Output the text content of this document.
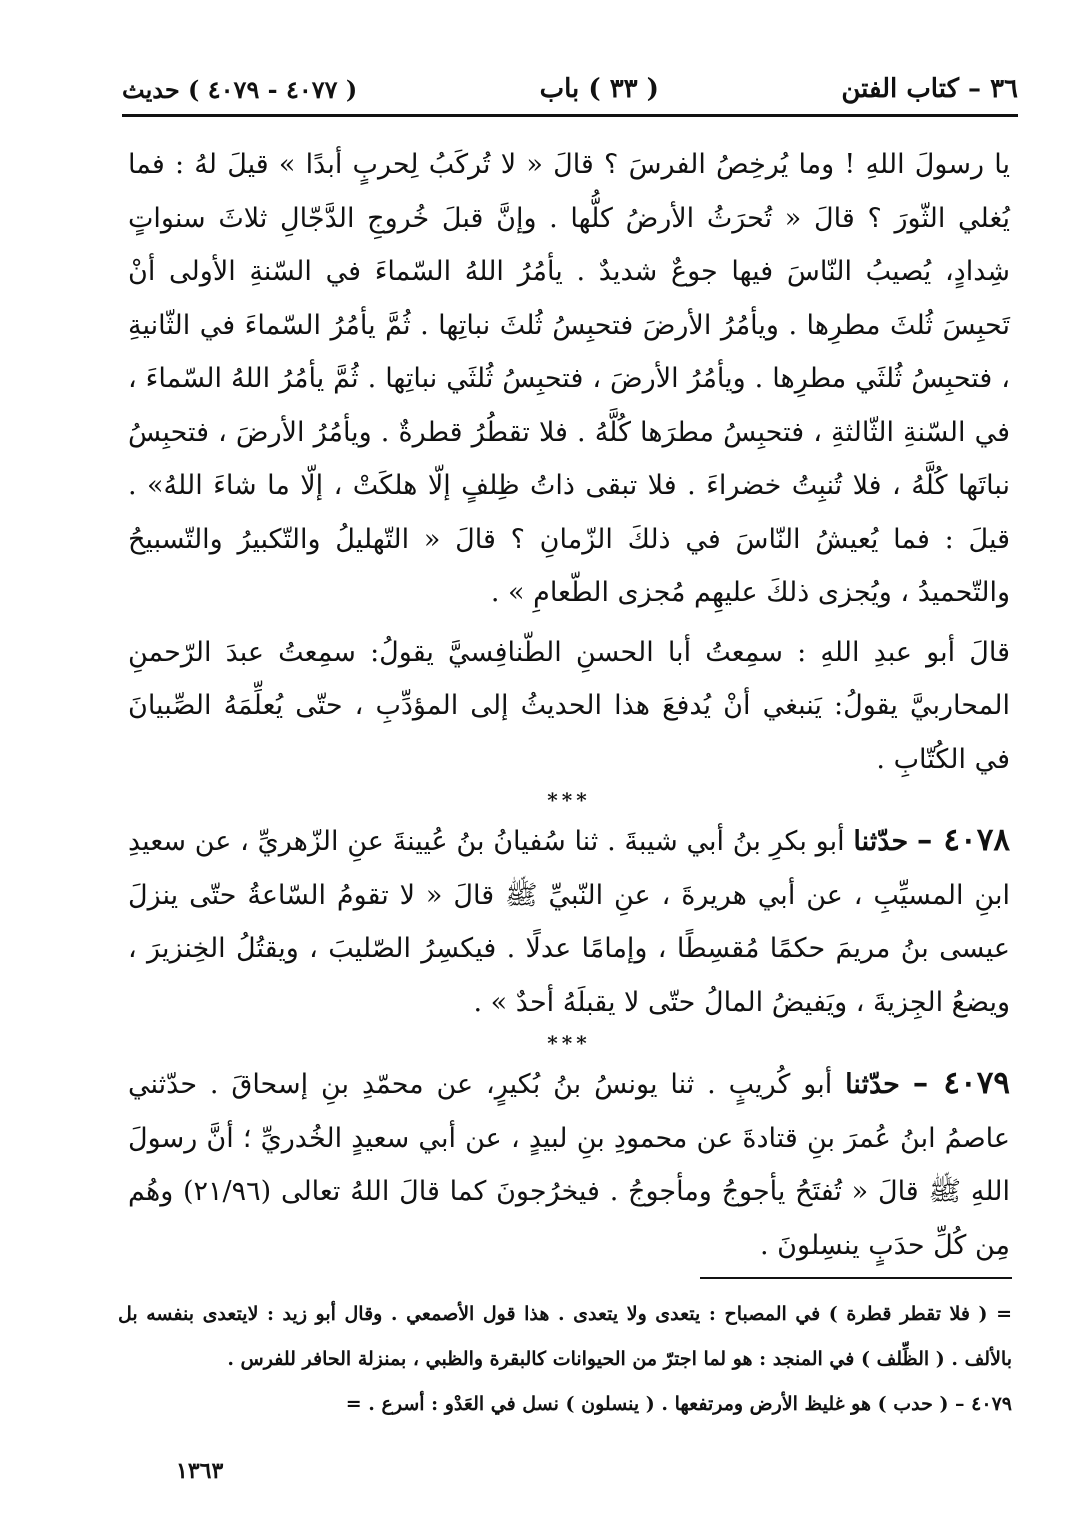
٣٦ – كتاب الفتن
( ٣٣ ) باب
( ٤٠٧٧ - ٤٠٧٩ ) حديث

يا رسولَ اللهِ ! وما يُرخِصُ الفرسَ ؟ قالَ « لا تُركَبُ لِحربٍ أبدًا » قيلَ لهُ : فما يُغلي الثّورَ ؟ قالَ « تُحرَثُ الأرضُ كلُّها . وإنَّ قبلَ خُروجِ الدَّجّالِ ثلاثَ سنواتٍ شِدادٍ، يُصيبُ النّاسَ فيها جوعٌ شديدٌ . يأمُرُ اللهُ السّماءَ في السّنةِ الأولى أنْ تَحبِسَ ثُلثَ مطرِها . ويأمُرُ الأرضَ فتحبِسُ ثُلثَ نباتِها . ثُمَّ يأمُرُ السّماءَ في الثّانيةِ ، فتحبِسُ ثُلثَي مطرِها . ويأمُرُ الأرضَ ، فتحبِسُ ثُلثَي نباتِها . ثُمَّ يأمُرُ اللهُ السّماءَ ، في السّنةِ الثّالثةِ ، فتحبِسُ مطرَها كُلَّهُ . فلا تقطُرُ قطرةٌ . ويأمُرُ الأرضَ ، فتحبِسُ نباتَها كُلَّهُ ، فلا تُنبِتُ خضراءَ . فلا تبقى ذاتُ ظِلفٍ إلّا هلكَتْ ، إلّا ما شاءَ اللهُ» . قيلَ : فما يُعيشُ النّاسَ في ذلكَ الزّمانِ ؟ قالَ « التّهليلُ والتّكبيرُ والتّسبيحُ والتّحميدُ ، ويُجزى ذلكَ عليهِم مُجزى الطّعامِ » .

قالَ أبو عبدِ اللهِ : سمِعتُ أبا الحسنِ الطّنافِسيَّ يقولُ: سمِعتُ عبدَ الرّحمنِ المحاربيَّ يقولُ: يَنبغي أنْ يُدفعَ هذا الحديثُ إلى المؤدِّبِ ، حتّى يُعلِّمَهُ الصِّبيانَ في الكُتّابِ .

***

٤٠٧٨ – حدّثنا أبو بكرِ بنُ أبي شيبةَ . ثنا سُفيانُ بنُ عُيينةَ عنِ الزّهريِّ ، عن سعيدِ ابنِ المسيِّبِ ، عن أبي هريرةَ ، عنِ النّبيِّ ﷺ قالَ « لا تقومُ السّاعةُ حتّى ينزلَ عيسى بنُ مريمَ حكمًا مُقسِطًا ، وإمامًا عدلًا . فيكسِرُ الصّليبَ ، ويقتُلُ الخِنزيرَ ، ويضعُ الجِزيةَ ، ويَفيضُ المالُ حتّى لا يقبلَهُ أحدٌ » .

***

٤٠٧٩ – حدّثنا أبو كُريبٍ . ثنا يونسُ بنُ بُكيرٍ، عن محمّدِ بنِ إسحاقَ . حدّثني عاصمُ ابنُ عُمرَ بنِ قتادةَ عن محمودِ بنِ لبيدٍ ، عن أبي سعيدٍ الخُدريِّ ؛ أنَّ رسولَ اللهِ ﷺ قالَ « تُفتَحُ يأجوجُ ومأجوجُ . فيخرُجونَ كما قالَ اللهُ تعالى (٢١/٩٦) وهُم مِن كُلِّ حدَبٍ ينسِلونَ .

= ( فلا تقطر قطرة ) في المصباح : يتعدى ولا يتعدى . هذا قول الأصمعي . وقال أبو زيد : لايتعدى بنفسه بل بالألف . ( الظِّلف ) في المنجد : هو لما اجترّ من الحيوانات كالبقرة والظبي ، بمنزلة الحافر للفرس .

٤٠٧٩ – ( حدب ) هو غليظ الأرض ومرتفعها . ( ينسلون ) نسل في العَدْو : أسرع . =

١٣٦٣
